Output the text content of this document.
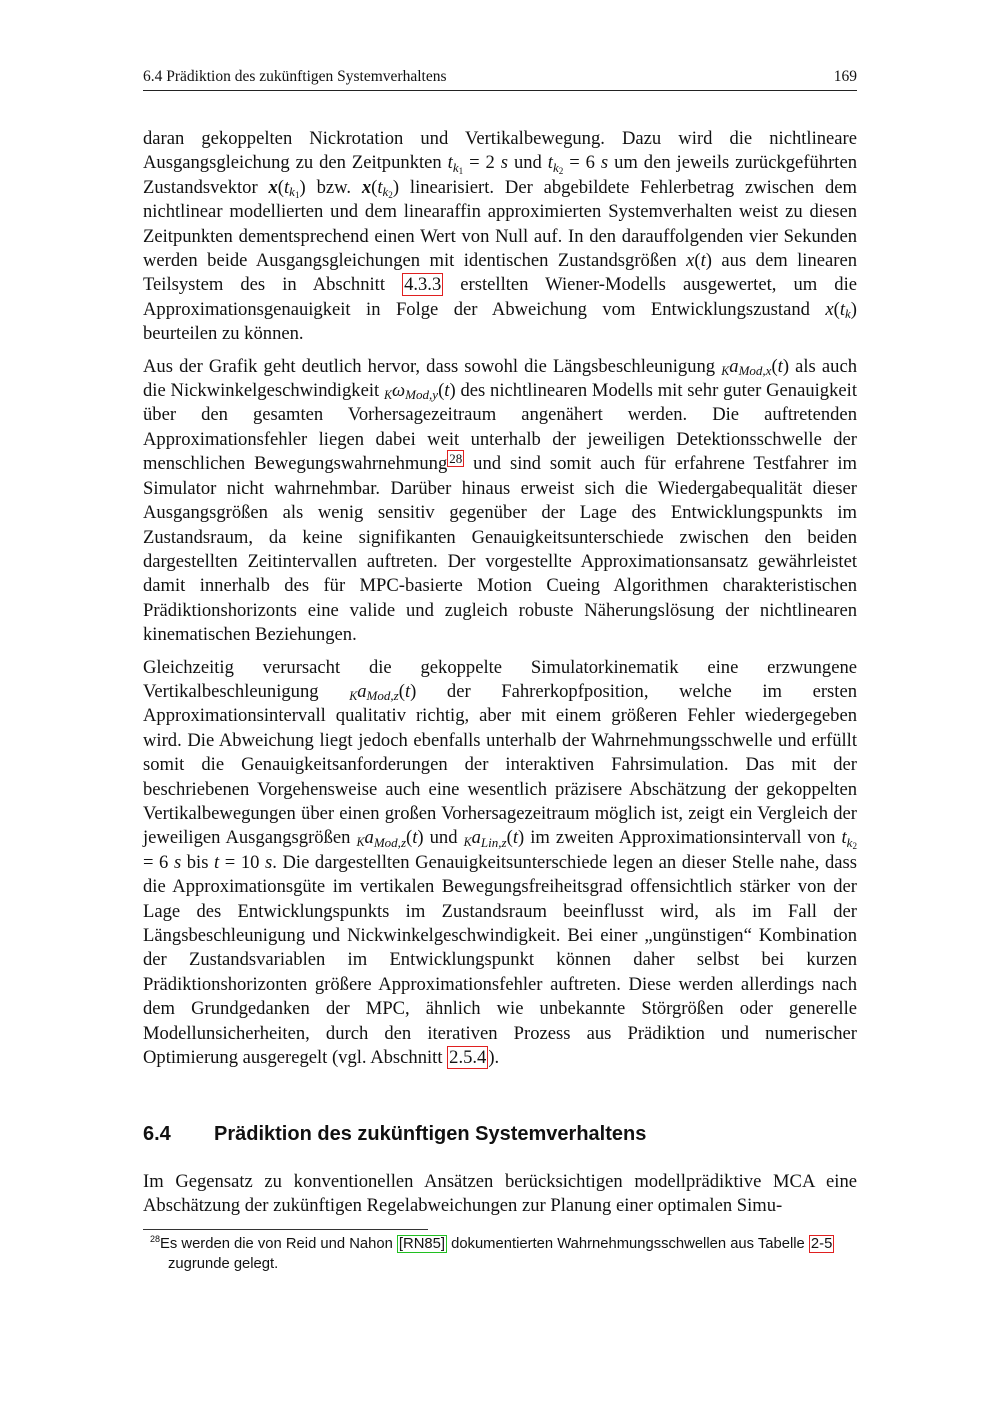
6.4 Prädiktion des zukünftigen Systemverhaltens	169

daran gekoppelten Nickrotation und Vertikalbewegung. Dazu wird die nichtlineare Ausgangsgleichung zu den Zeitpunkten $t_{k_1} = 2$ s und $t_{k_2} = 6$ s um den jeweils zurückgeführten Zustandsvektor $x(t_{k_1})$ bzw. $x(t_{k_2})$ linearisiert. Der abgebildete Fehlerbetrag zwischen dem nichtlinear modellierten und dem linearaffin approximierten Systemverhalten weist zu diesen Zeitpunkten dementsprechend einen Wert von Null auf. In den darauffolgenden vier Sekunden werden beide Ausgangsgleichungen mit identischen Zustandsgrößen x(t) aus dem linearen Teilsystem des in Abschnitt 4.3.3 erstellten Wiener-Modells ausgewertet, um die Approximationsgenauigkeit in Folge der Abweichung vom Entwicklungszustand $x(t_k)$ beurteilen zu können.

Aus der Grafik geht deutlich hervor, dass sowohl die Längsbeschleunigung $Ka_{Mod,x}(t)$ als auch die Nickwinkelgeschwindigkeit $K\omega_{Mod,y}(t)$ des nichtlinearen Modells mit sehr guter Genauigkeit über den gesamten Vorhersagezeitraum angenähert werden. Die auftretenden Approximationsfehler liegen dabei weit unterhalb der jeweiligen Detektionsschwelle der menschlichen Bewegungswahrnehmung $^{28}$ und sind somit auch für erfahrene Testfahrer im Simulator nicht wahrnehmbar. Darüber hinaus erweist sich die Wiedergabequalität dieser Ausgangsgrößen als wenig sensitiv gegenüber der Lage des Entwicklungspunkts im Zustandsraum, da keine signifikanten Genauigkeitsunterschiede zwischen den beiden dargestellten Zeitintervallen auftreten. Der vorgestellte Approximationsansatz gewährleistet damit innerhalb des für MPC-basierte Motion Cueing Algorithmen charakteristischen Prädiktionshorizonts eine valide und zugleich robuste Näherungslösung der nichtlinearen kinematischen Beziehungen.

Gleichzeitig verursacht die gekoppelte Simulatorkinematik eine erzwungene Vertikalbeschleunigung $Ka_{Mod,z}(t)$ der Fahrerkopfposition, welche im ersten Approximationsintervall qualitativ richtig, aber mit einem größeren Fehler wiedergegeben wird. Die Abweichung liegt jedoch ebenfalls unterhalb der Wahrnehmungsschwelle und erfüllt somit die Genauigkeitsanforderungen der interaktiven Fahrsimulation. Das mit der beschriebenen Vorgehensweise auch eine wesentlich präzisere Abschätzung der gekoppelten Vertikalbewegungen über einen großen Vorhersagezeitraum möglich ist, zeigt ein Vergleich der jeweiligen Ausgangsgrößen $Ka_{Mod,z}(t)$ und $Ka_{Lin,z}(t)$ im zweiten Approximationsintervall von $t_{k_2} = 6$ s bis t = 10 s. Die dargestellten Genauigkeitsunterschiede legen an dieser Stelle nahe, dass die Approximationsgüte im vertikalen Bewegungsfreiheitsgrad offensichtlich stärker von der Lage des Entwicklungspunkts im Zustandsraum beeinflusst wird, als im Fall der Längsbeschleunigung und Nickwinkelgeschwindigkeit. Bei einer „ungünstigen“ Kombination der Zustandsvariablen im Entwicklungspunkt können daher selbst bei kurzen Prädiktionshorizonten größere Approximationsfehler auftreten. Diese werden allerdings nach dem Grundgedanken der MPC, ähnlich wie unbekannte Störgrößen oder generelle Modellunsicherheiten, durch den iterativen Prozess aus Prädiktion und numerischer Optimierung ausgeregelt (vgl. Abschnitt 2.5.4 ).

6.4 Prädiktion des zukünftigen Systemverhaltens

Im Gegensatz zu konventionellen Ansätzen berücksichtigen modellprädiktive MCA eine Abschätzung der zukünftigen Regelabweichungen zur Planung einer optimalen Simu-

$^{28}$Es werden die von Reid und Nahon [RN85] dokumentierten Wahrnehmungsschwellen aus Tabelle 2-5
zugrunde gelegt.
